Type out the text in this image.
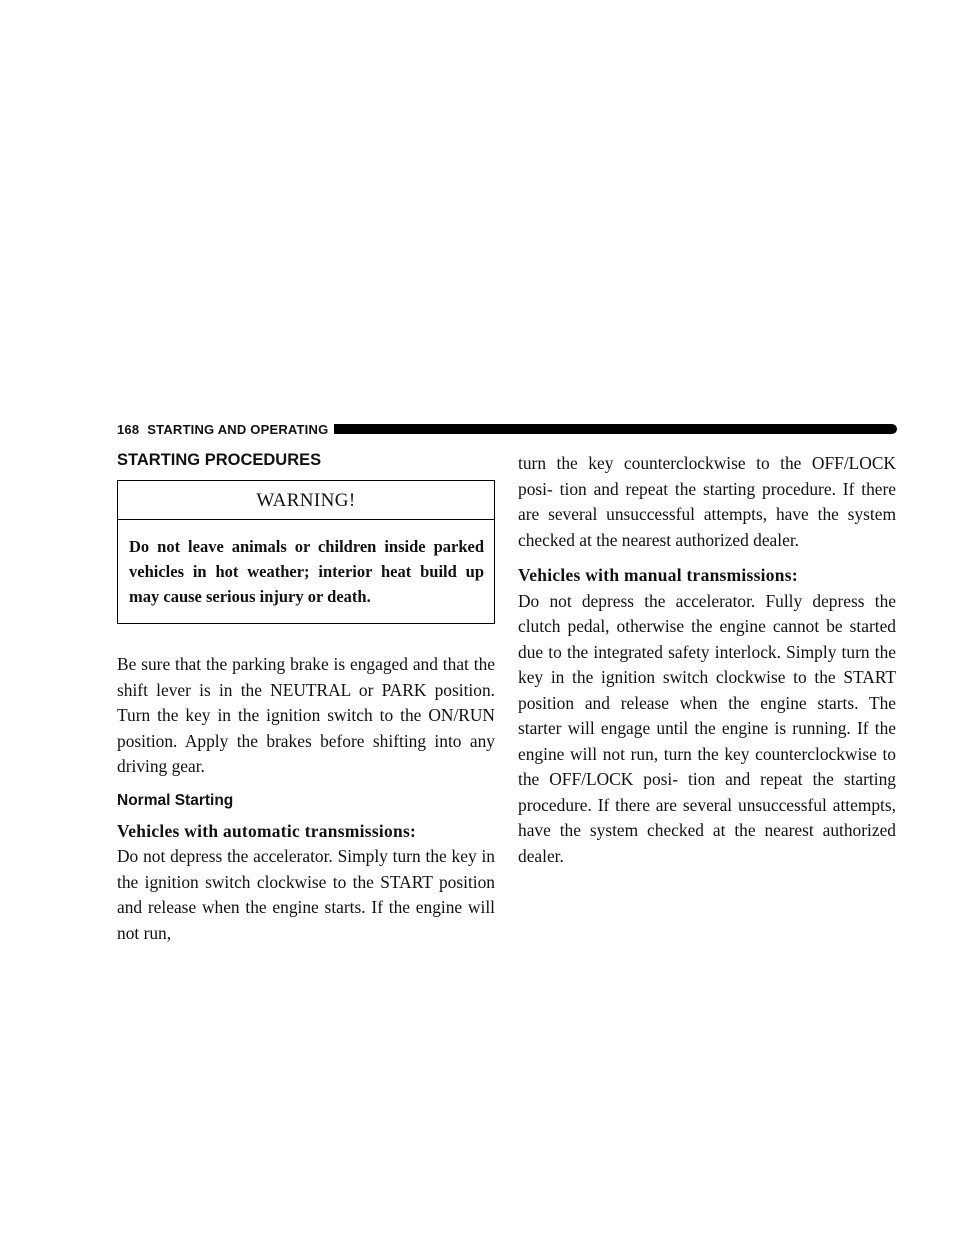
168 STARTING AND OPERATING
STARTING PROCEDURES
WARNING!
Do not leave animals or children inside parked vehicles in hot weather; interior heat build up may cause serious injury or death.

Be sure that the parking brake is engaged and that the shift lever is in the NEUTRAL or PARK position. Turn the key in the ignition switch to the ON/RUN position. Apply the brakes before shifting into any driving gear.

Normal Starting
Vehicles with automatic transmissions:

Do not depress the accelerator. Simply turn the key in the ignition switch clockwise to the START position and release when the engine starts. If the engine will not run,

turn the key counterclockwise to the OFF/LOCK posi- tion and repeat the starting procedure. If there are several unsuccessful attempts, have the system checked at the nearest authorized dealer.

Vehicles with manual transmissions:

Do not depress the accelerator. Fully depress the clutch pedal, otherwise the engine cannot be started due to the integrated safety interlock. Simply turn the key in the ignition switch clockwise to the START position and release when the engine starts. The starter will engage until the engine is running. If the engine will not run, turn the key counterclockwise to the OFF/LOCK posi- tion and repeat the starting procedure. If there are several unsuccessful attempts, have the system checked at the nearest authorized dealer.
